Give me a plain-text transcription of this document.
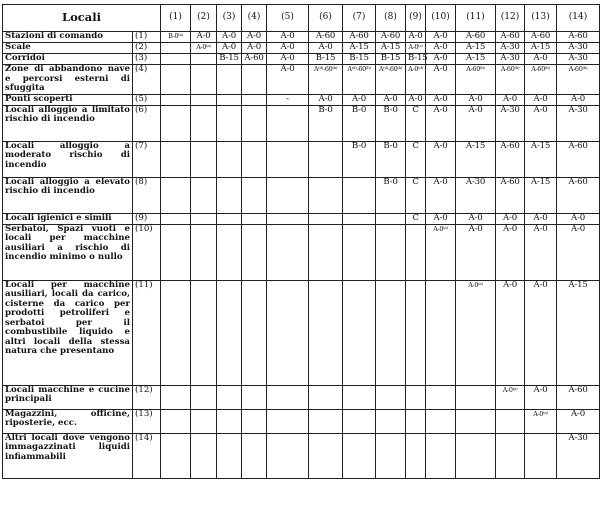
Locali		(1)	(2)	(3)	(4)	(5)	(6)	(7)	(8)	(9)	(10)	(11)	(12)	(13)	(14)
Stazioni di comando	(1)	B-0⁽ᵃ⁾	A-0	A-0	A-0	A-0	A-60	A-60	A-60	A-0	A-0	A-60	A-60	A-60	A-60
Scale	(2)		A-0⁽ᵃ⁾	A-0	A-0	A-0	A-0	A-15	A-15	A-0⁽ᶜ⁾	A-0	A-15	A-30	A-15	A-30
Corridoi	(3)			B-15	A-60	A-0	B-15	B-15	B-15	B-15	A-0	A-15	A-30	A-0	A-30
Zone di abbandono nave e percorsi esterni di sfuggita	(4)					A-0	A⁽ᵈ⁾-60⁽ᵇ⁾	A⁽ᵈ⁾-60⁽ᵇ⁾	A⁽ᵈ⁾-60⁽ᵇ⁾	A-0⁽ᵈ⁾	A-0	A-60⁽ᵇ⁾	A-60⁽ᵇ⁾	A-60⁽ᵇ⁾	A-60⁽ᵇ⁾
Ponti scoperti	(5)					-	A-0	A-0	A-0	A-0	A-0	A-0	A-0	A-0	A-0
Locali alloggio a limitato rischio di incendio	(6)						B-0	B-0	B-0	C	A-0	A-0	A-30	A-0	A-30
Locali alloggio a moderato rischio di incendio	(7)							B-0	B-0	C	A-0	A-15	A-60	A-15	A-60
Locali alloggio a elevato rischio di incendio	(8)								B-0	C	A-0	A-30	A-60	A-15	A-60
Locali igienici e simili	(9)									C	A-0	A-0	A-0	A-0	A-0
Serbatoi, Spazi vuoti e locali per macchine ausiliari a rischio di incendio minimo o nullo	(10)										A-0⁽ᵃ⁾	A-0	A-0	A-0	A-0
Locali per macchine ausiliari, locali da carico, cisterne da carico per prodotti petroliferi e serbatoi per il combustibile liquido e altri locali della stessa natura che presentano	(11)											A-0⁽ᵃ⁾	A-0	A-0	A-15
Locali macchine e cucine principali	(12)												A-0⁽ᵃ⁾	A-0	A-60
Magazzini, officine, riposterie, ecc.	(13)													A-0⁽ᵃ⁾	A-0
Altri locali dove vengono immagazzinati liquidi infiammabili	(14)														A-30
